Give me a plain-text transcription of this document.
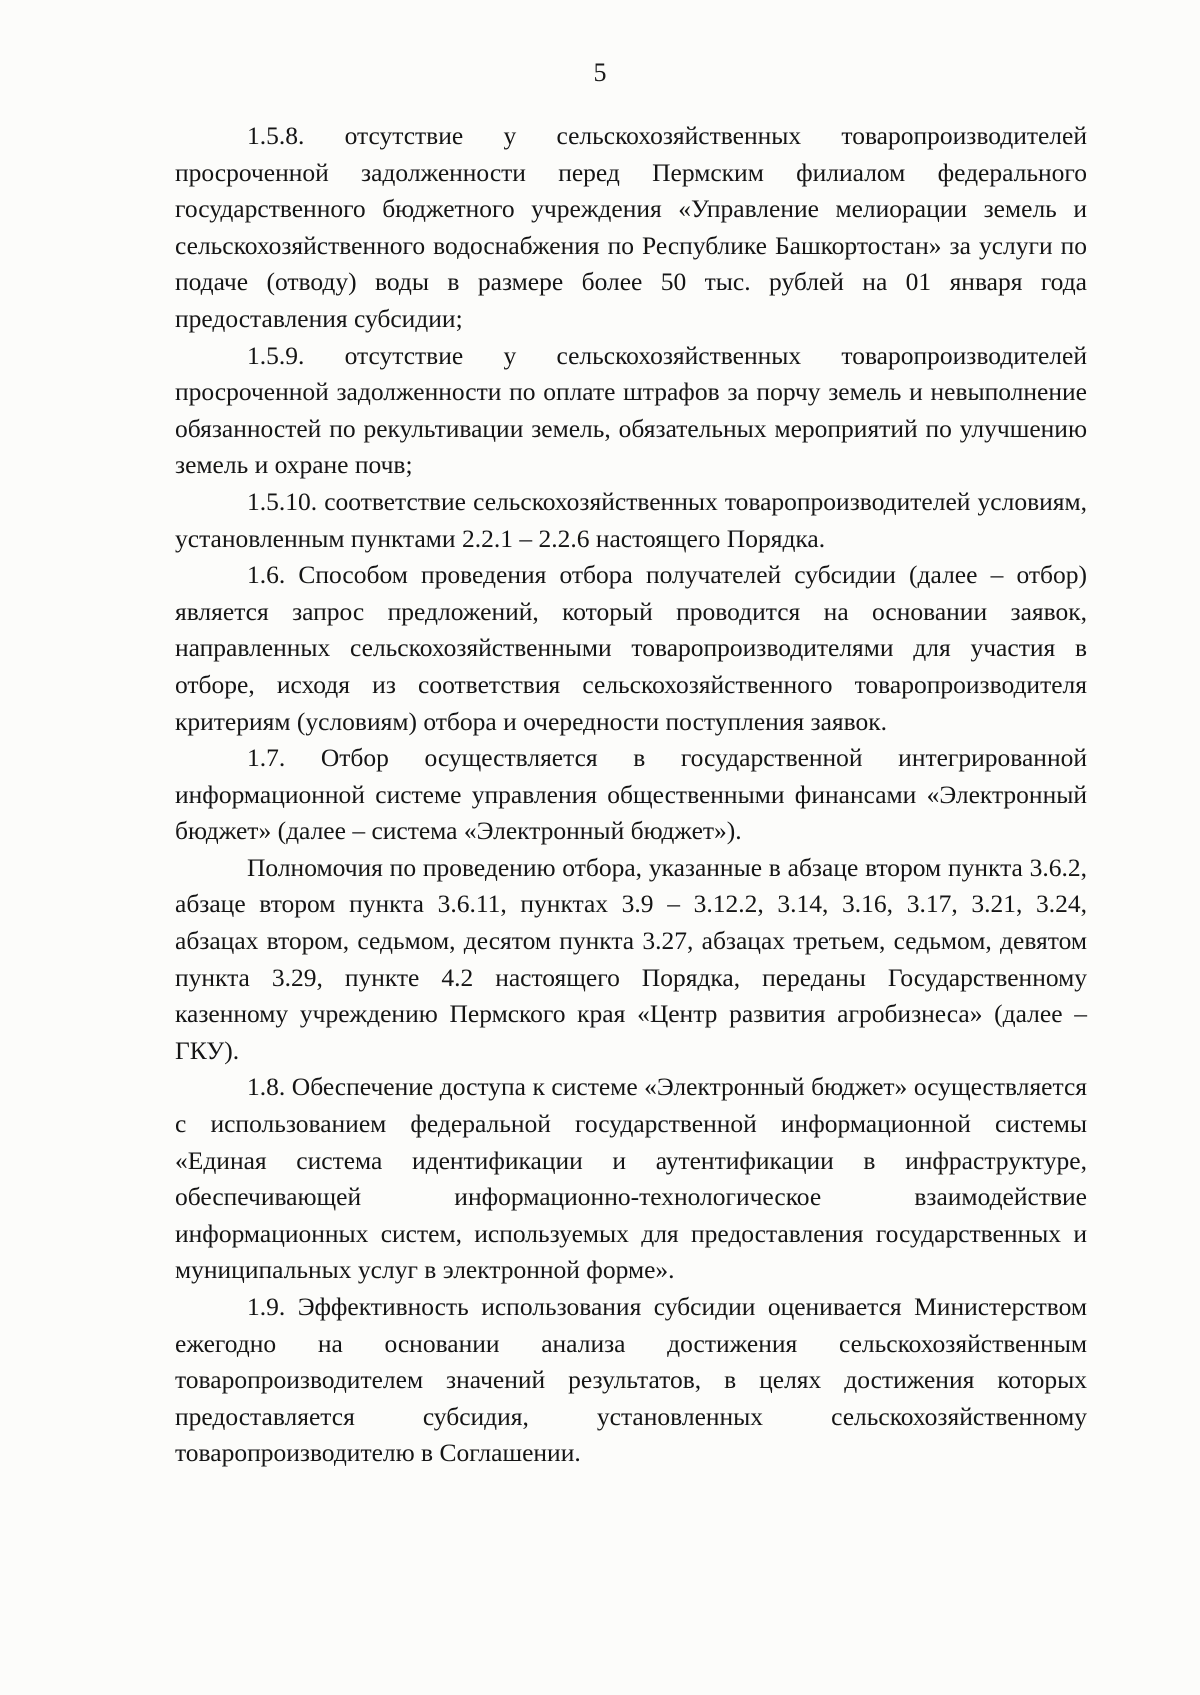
5

1.5.8. отсутствие у сельскохозяйственных товаропроизводителей просроченной задолженности перед Пермским филиалом федерального государственного бюджетного учреждения «Управление мелиорации земель и сельскохозяйственного водоснабжения по Республике Башкортостан» за услуги по подаче (отводу) воды в размере более 50 тыс. рублей на 01 января года предоставления субсидии;

1.5.9. отсутствие у сельскохозяйственных товаропроизводителей просроченной задолженности по оплате штрафов за порчу земель и невыполнение обязанностей по рекультивации земель, обязательных мероприятий по улучшению земель и охране почв;

1.5.10. соответствие сельскохозяйственных товаропроизводителей условиям, установленным пунктами 2.2.1 – 2.2.6 настоящего Порядка.

1.6. Способом проведения отбора получателей субсидии (далее – отбор) является запрос предложений, который проводится на основании заявок, направленных сельскохозяйственными товаропроизводителями для участия в отборе, исходя из соответствия сельскохозяйственного товаропроизводителя критериям (условиям) отбора и очередности поступления заявок.

1.7. Отбор осуществляется в государственной интегрированной информационной системе управления общественными финансами «Электронный бюджет» (далее – система «Электронный бюджет»).

Полномочия по проведению отбора, указанные в абзаце втором пункта 3.6.2, абзаце втором пункта 3.6.11, пунктах 3.9 – 3.12.2, 3.14, 3.16, 3.17, 3.21, 3.24, абзацах втором, седьмом, десятом пункта 3.27, абзацах третьем, седьмом, девятом пункта 3.29, пункте 4.2 настоящего Порядка, переданы Государственному казенному учреждению Пермского края «Центр развития агробизнеса» (далее – ГКУ).

1.8. Обеспечение доступа к системе «Электронный бюджет» осуществляется с использованием федеральной государственной информационной системы «Единая система идентификации и аутентификации в инфраструктуре, обеспечивающей информационно-технологическое взаимодействие информационных систем, используемых для предоставления государственных и муниципальных услуг в электронной форме».

1.9. Эффективность использования субсидии оценивается Министерством ежегодно на основании анализа достижения сельскохозяйственным товаропроизводителем значений результатов, в целях достижения которых предоставляется субсидия, установленных сельскохозяйственному товаропроизводителю в Соглашении.
